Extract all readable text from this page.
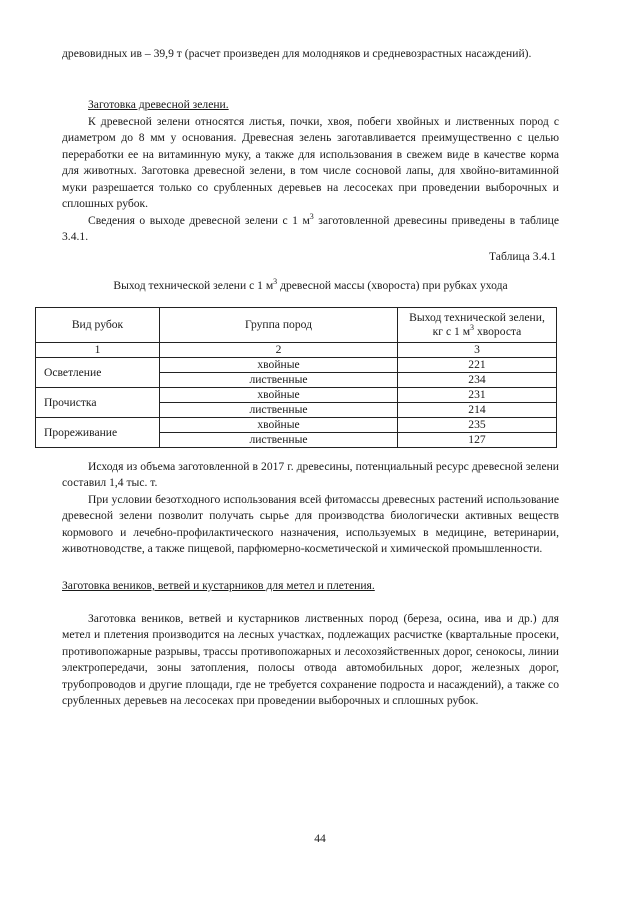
древовидных ив – 39,9 т (расчет произведен для молодняков и средневозрастных насаждений).

Заготовка древесной зелени.

К древесной зелени относятся листья, почки, хвоя, побеги хвойных и лиственных пород с диаметром до 8 мм у основания. Древесная зелень заготавливается преимущественно с целью переработки ее на витаминную муку, а также для использования в свежем виде в качестве корма для животных. Заготовка древесной зелени, в том числе сосновой лапы, для хвойно-витаминной муки разрешается только со срубленных деревьев на лесосеках при проведении выборочных и сплошных рубок.

Сведения о выходе древесной зелени с 1 $м^3$ заготовленной древесины приведены в таблице 3.4.1.

Таблица 3.4.1

Выход технической зелени с 1 $м^3$ древесной массы (хвороста) при рубках ухода

Вид рубок	Группа пород	Выход технической зелени,
кг с 1 $м^3$ хвороста
1	2	3
Осветление	хвойные	221
	лиственные	234
Прочистка	хвойные	231
	лиственные	214
Прореживание	хвойные	235
	лиственные	127

Исходя из объема заготовленной в 2017 г. древесины, потенциальный ресурс древесной зелени составил 1,4 тыс. т.

При условии безотходного использования всей фитомассы древесных растений использование древесной зелени позволит получать сырье для производства биологически активных веществ кормового и лечебно-профилактического назначения, используемых в медицине, ветеринарии, животноводстве, а также пищевой, парфюмерно-косметической и химической промышленности.

Заготовка веников, ветвей и кустарников для метел и плетения.

Заготовка веников, ветвей и кустарников лиственных пород (береза, осина, ива и др.) для метел и плетения производится на лесных участках, подлежащих расчистке (квартальные просеки, противопожарные разрывы, трассы противопожарных и лесохозяйственных дорог, сенокосы, линии электропередачи, зоны затопления, полосы отвода автомобильных дорог, железных дорог, трубопроводов и другие площади, где не требуется сохранение подроста и насаждений), а также со срубленных деревьев на лесосеках при проведении выборочных и сплошных рубок.

44
